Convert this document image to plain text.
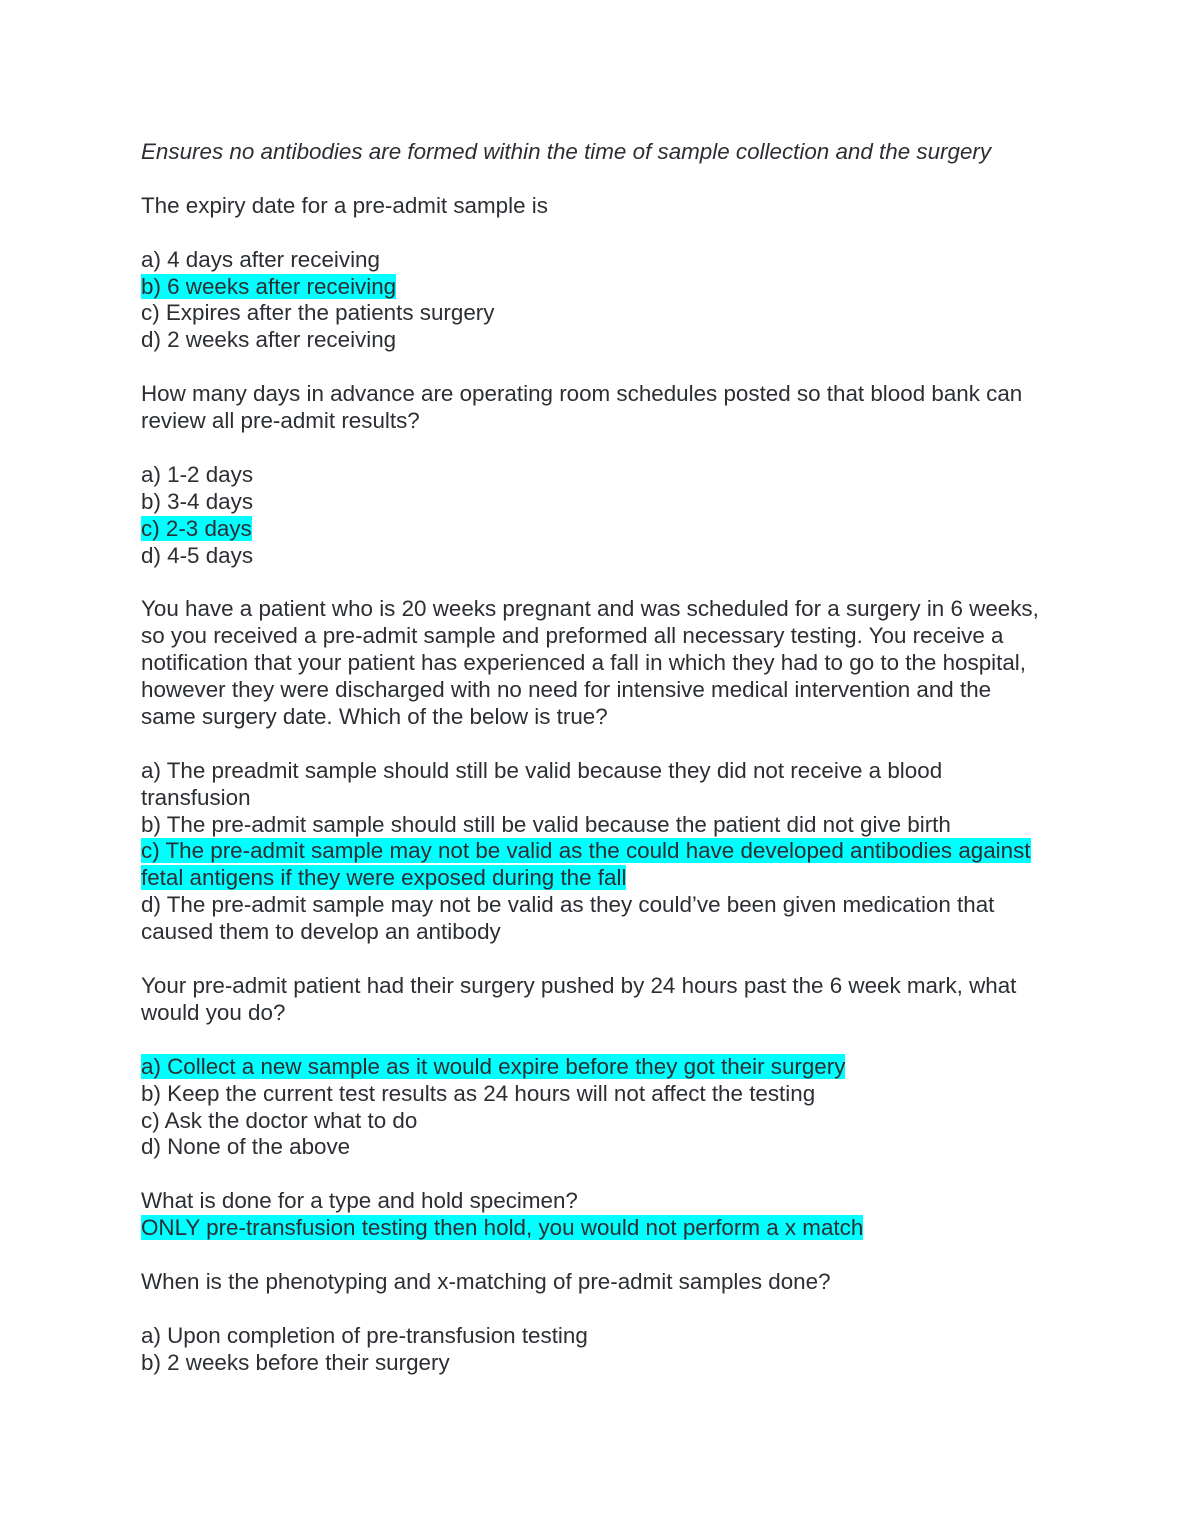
Ensures no antibodies are formed within the time of sample collection and the surgery

The expiry date for a pre-admit sample is

a) 4 days after receiving
b) 6 weeks after receiving
c) Expires after the patients surgery
d) 2 weeks after receiving

How many days in advance are operating room schedules posted so that blood bank can review all pre-admit results?

a) 1-2 days
b) 3-4 days
c) 2-3 days
d) 4-5 days

You have a patient who is 20 weeks pregnant and was scheduled for a surgery in 6 weeks, so you received a pre-admit sample and preformed all necessary testing. You receive a notification that your patient has experienced a fall in which they had to go to the hospital, however they were discharged with no need for intensive medical intervention and the same surgery date. Which of the below is true?

a) The preadmit sample should still be valid because they did not receive a blood transfusion
b) The pre-admit sample should still be valid because the patient did not give birth
c) The pre-admit sample may not be valid as the could have developed antibodies against fetal antigens if they were exposed during the fall
d) The pre-admit sample may not be valid as they could’ve been given medication that caused them to develop an antibody

Your pre-admit patient had their surgery pushed by 24 hours past the 6 week mark, what would you do?

a) Collect a new sample as it would expire before they got their surgery
b) Keep the current test results as 24 hours will not affect the testing
c) Ask the doctor what to do
d) None of the above

What is done for a type and hold specimen?

ONLY pre-transfusion testing then hold, you would not perform a x match

When is the phenotyping and x-matching of pre-admit samples done?

a) Upon completion of pre-transfusion testing
b) 2 weeks before their surgery
